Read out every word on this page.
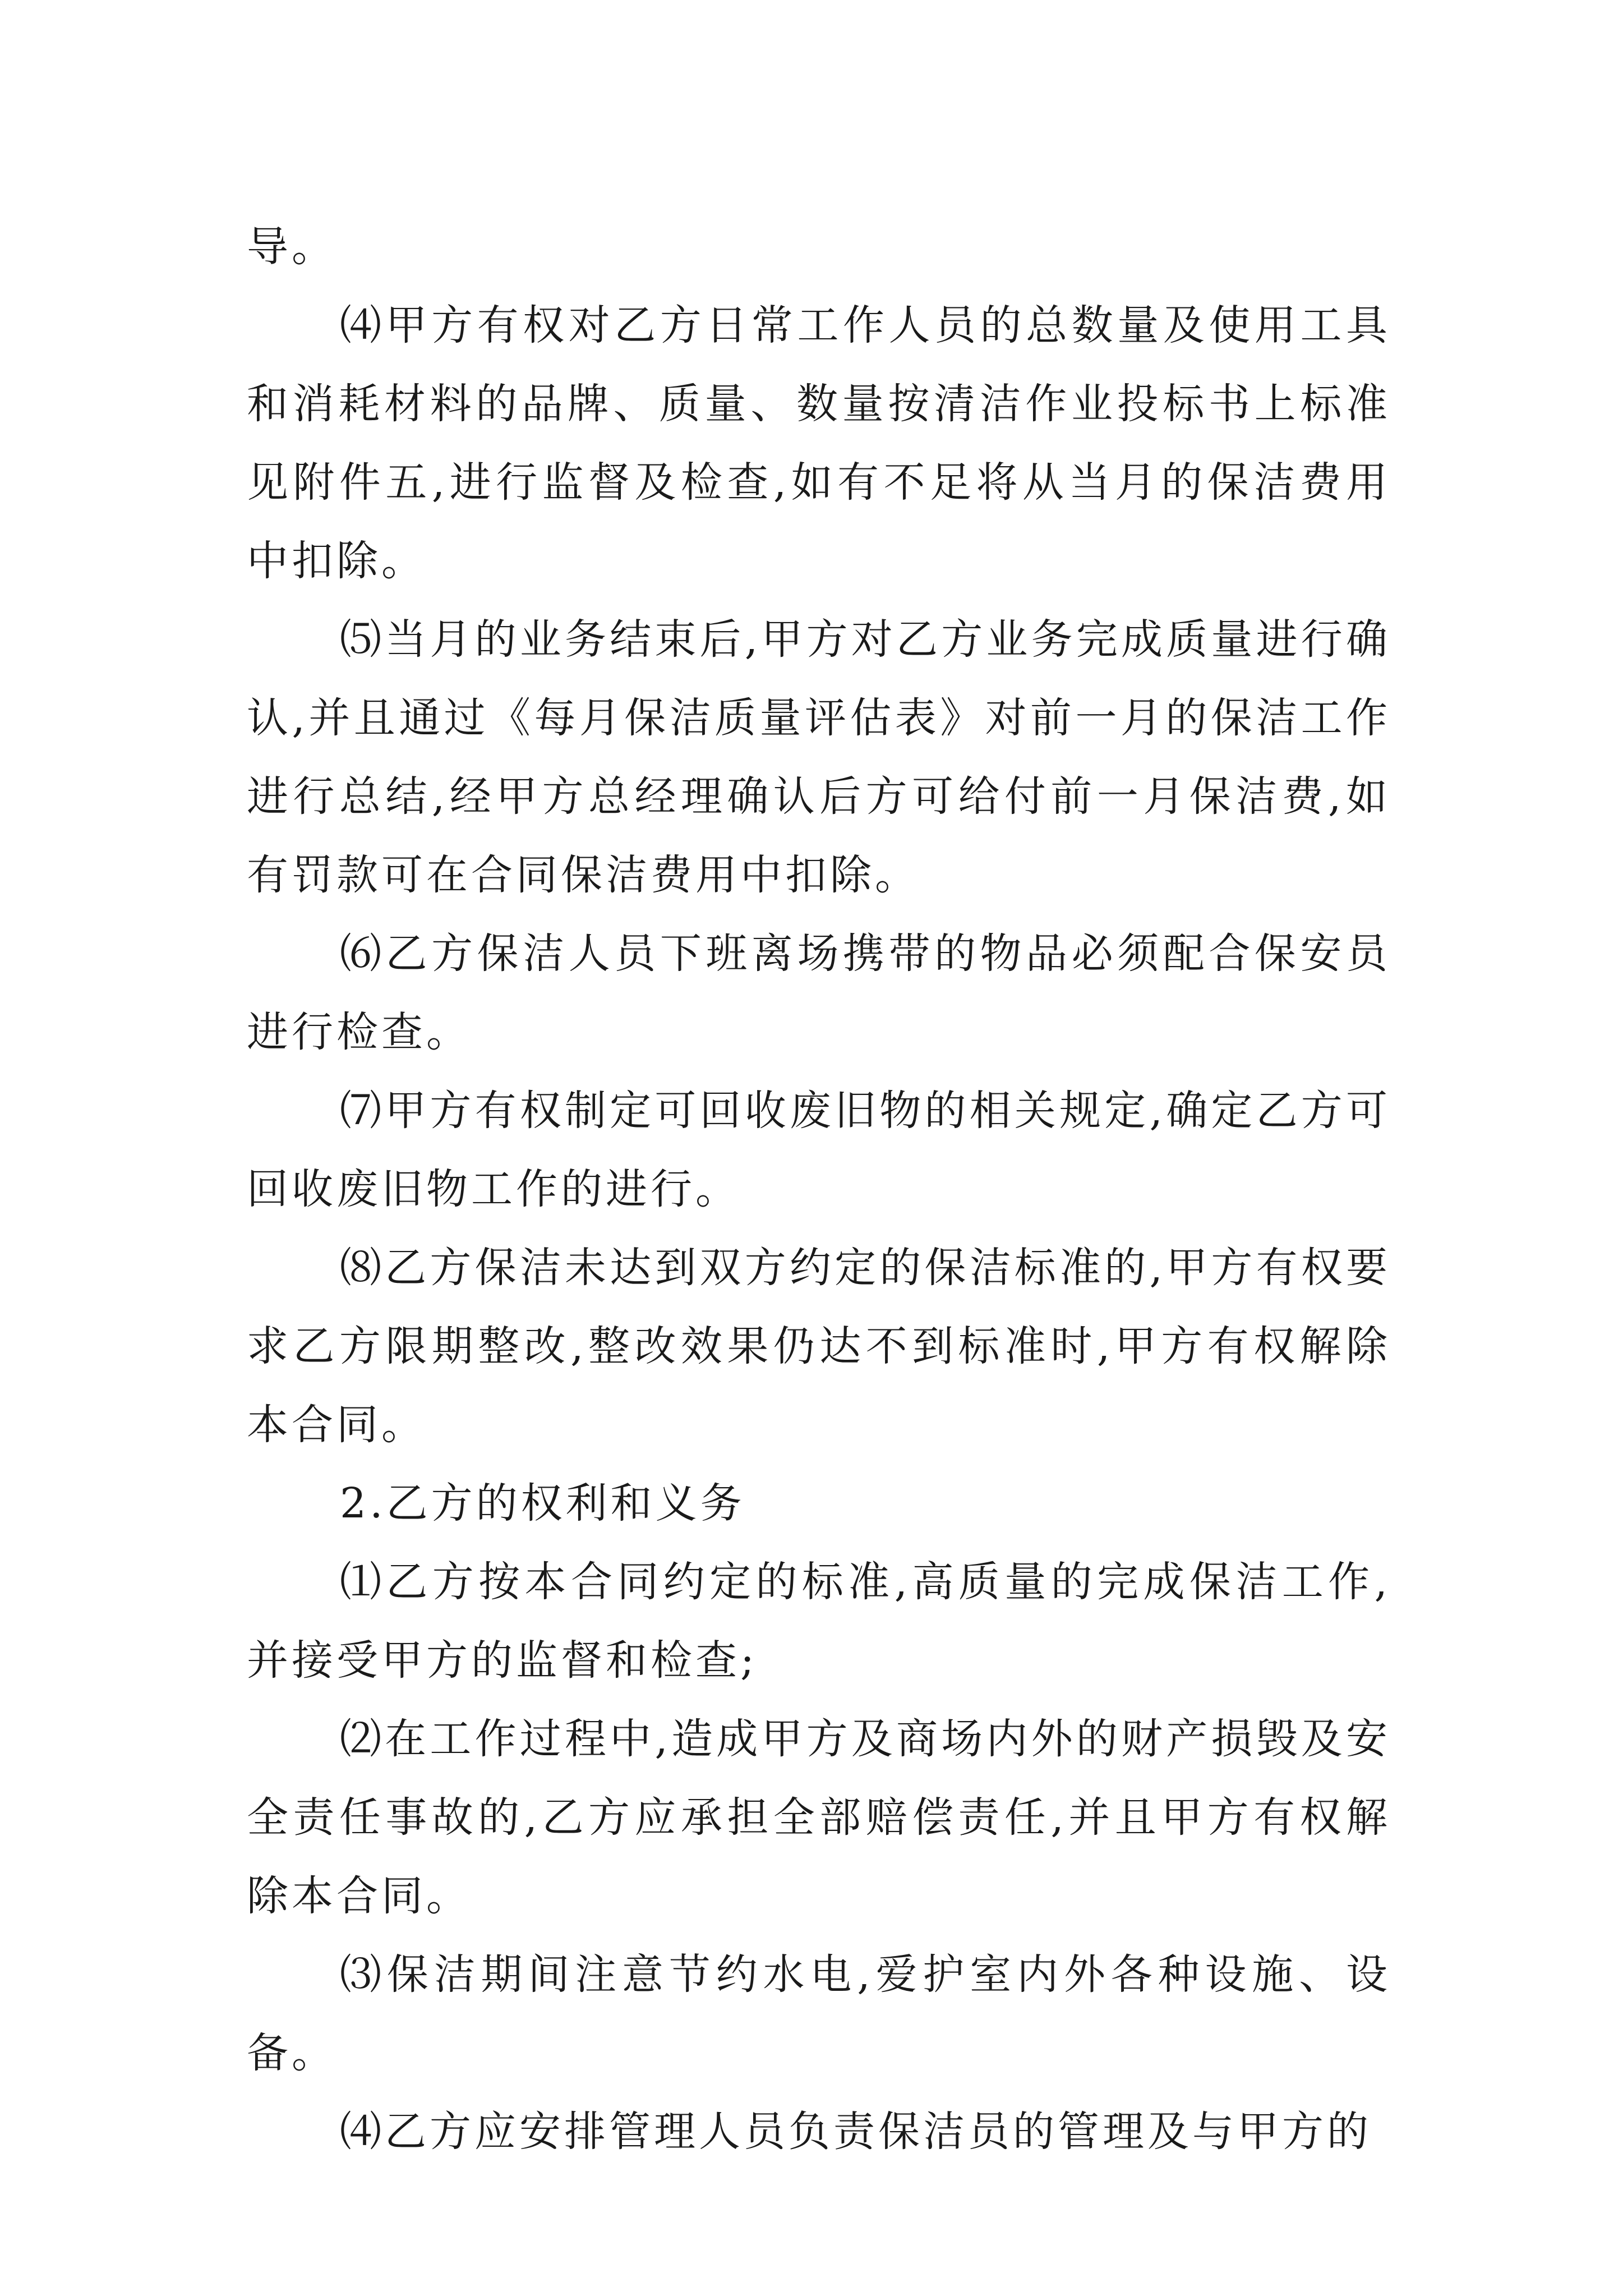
导。

⑷甲方有权对乙方日常工作人员的总数量及使用工具和消耗材料的品牌、质量、数量按清洁作业投标书上标准见附件五,进行监督及检查,如有不足将从当月的保洁费用中扣除。

⑸当月的业务结束后,甲方对乙方业务完成质量进行确认,并且通过《每月保洁质量评估表》对前一月的保洁工作进行总结,经甲方总经理确认后方可给付前一月保洁费,如有罚款可在合同保洁费用中扣除。

⑹乙方保洁人员下班离场携带的物品必须配合保安员进行检查。

⑺甲方有权制定可回收废旧物的相关规定,确定乙方可回收废旧物工作的进行。

⑻乙方保洁未达到双方约定的保洁标准的,甲方有权要求乙方限期整改,整改效果仍达不到标准时,甲方有权解除本合同。

2.乙方的权利和义务

⑴乙方按本合同约定的标准,高质量的完成保洁工作,并接受甲方的监督和检查;

⑵在工作过程中,造成甲方及商场内外的财产损毁及安全责任事故的,乙方应承担全部赔偿责任,并且甲方有权解除本合同。

⑶保洁期间注意节约水电,爱护室内外各种设施、设备。

⑷乙方应安排管理人员负责保洁员的管理及与甲方的
